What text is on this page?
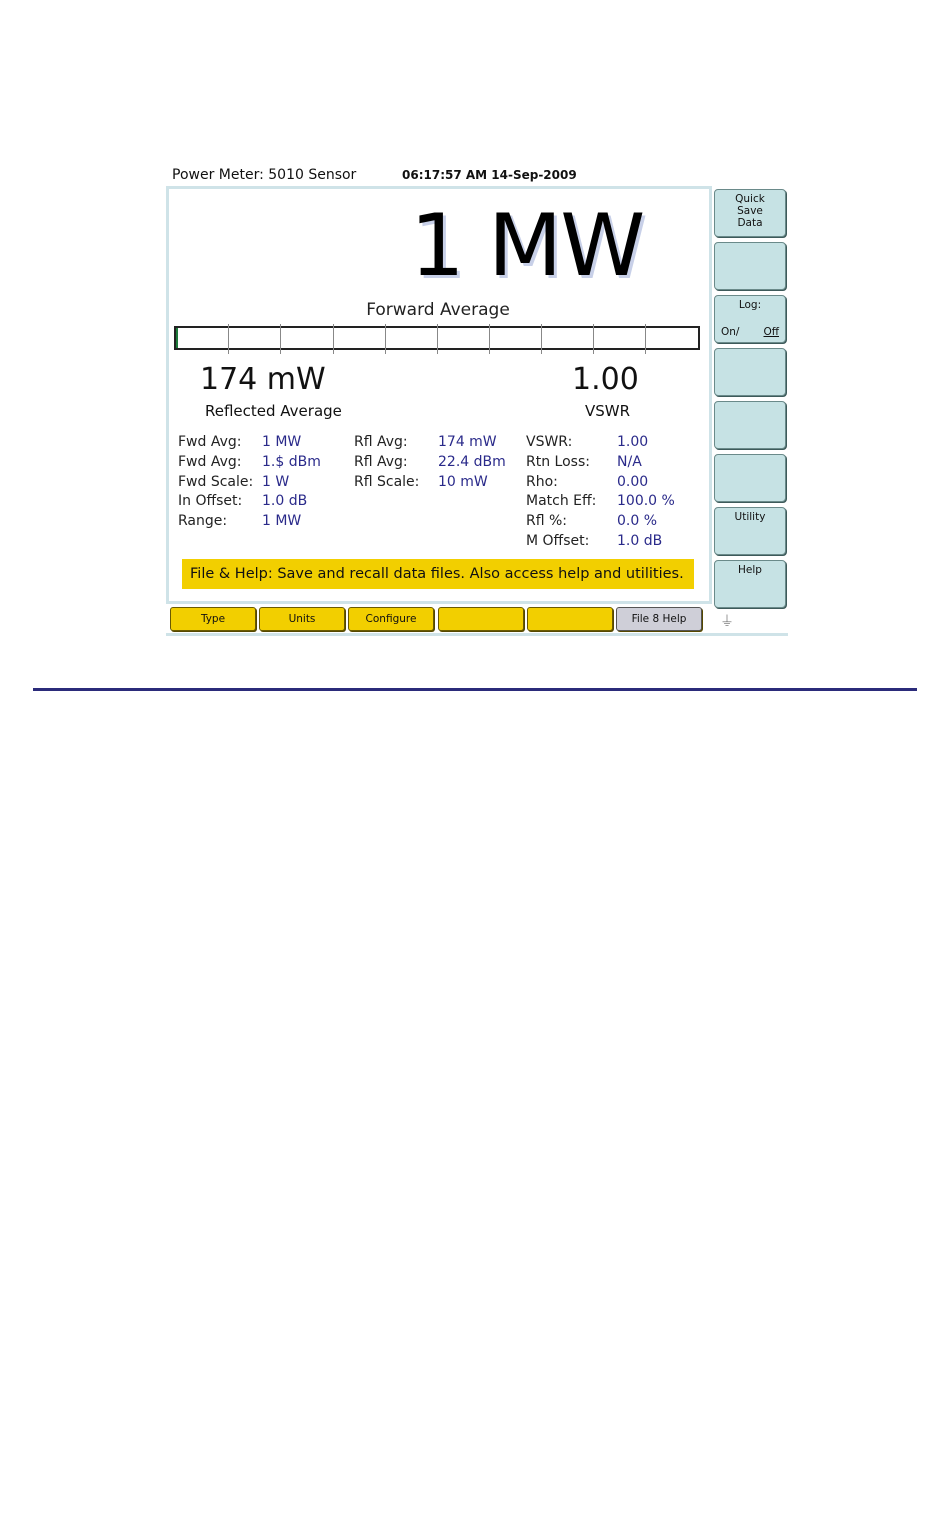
Power Meter: 5010 Sensor	06:17:57 AM 14-Sep-2009
1 MW
Forward Average
174 mW
Reflected Average
1.00
VSWR
Fwd Avg:	1 MW
Fwd Avg:	1.$ dBm
Fwd Scale: 1 W
In Offset:	1.0 dB
Range:	1 MW
Rfl Avg:	174 mW
Rfl Avg:	22.4 dBm
Rfl Scale:	10 mW
VSWR:	1.00
Rtn Loss:	N/A
Rho:	0.00
Match Eff:	100.0 %
Rfl %:	0.0 %
M Offset:	1.0 dB
File & Help: Save and recall data files. Also access help and utilities.
Quick Save Data
Log:
On/ Off
Utility
Help
Type	Units	Configure	File 8 Help	⏚
